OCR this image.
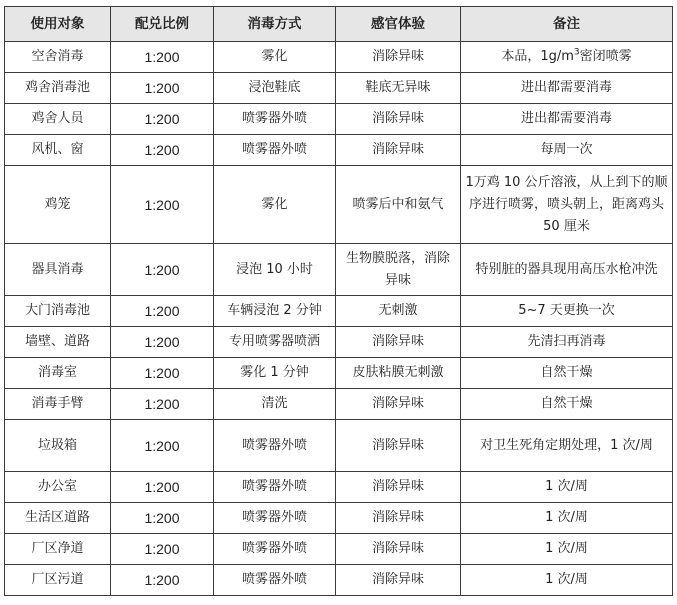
使用对象	配兑比例	消毒方式	感官体验	备注
空舍消毒	1:200	雾化	消除异味	本品，$1g/m^3$密闭喷雾
鸡舍消毒池	1:200	浸泡鞋底	鞋底无异味	进出都需要消毒
鸡舍人员	1:200	喷雾器外喷	消除异味	进出都需要消毒
风机、窗	1:200	喷雾器外喷	消除异味	每周一次
鸡笼	1:200	雾化	喷雾后中和氨气	1万鸡 10 公斤溶液，从上到下的顺序进行喷雾，喷头朝上，距离鸡头 50 厘米
器具消毒	1:200	浸泡 10 小时	生物膜脱落，消除异味	特别脏的器具现用高压水枪冲洗
大门消毒池	1:200	车辆浸泡 2 分钟	无刺激	5~7 天更换一次
墙壁、道路	1:200	专用喷雾器喷洒	消除异味	先清扫再消毒
消毒室	1:200	雾化 1 分钟	皮肤粘膜无刺激	自然干燥
消毒手臂	1:200	清洗	消除异味	自然干燥
垃圾箱	1:200	喷雾器外喷	消除异味	对卫生死角定期处理，1 次/周
办公室	1:200	喷雾器外喷	消除异味	1 次/周
生活区道路	1:200	喷雾器外喷	消除异味	1 次/周
厂区净道	1:200	喷雾器外喷	消除异味	1 次/周
厂区污道	1:200	喷雾器外喷	消除异味	1 次/周
